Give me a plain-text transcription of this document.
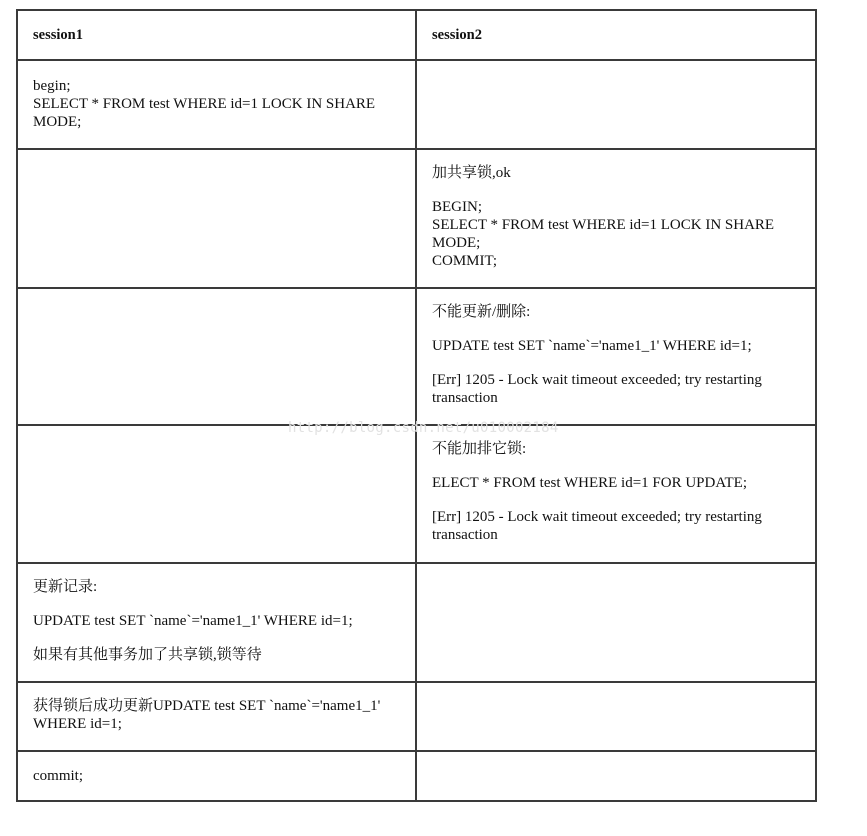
session1	session2

begin;
SELECT * FROM test WHERE id=1 LOCK IN SHARE MODE;	

	加共享锁,ok

BEGIN;
SELECT * FROM test WHERE id=1 LOCK IN SHARE MODE;
COMMIT;

	不能更新/删除:

UPDATE test SET `name`='name1_1' WHERE id=1;

[Err] 1205 - Lock wait timeout exceeded; try restarting transaction

	不能加排它锁:

ELECT * FROM test WHERE id=1 FOR UPDATE;

[Err] 1205 - Lock wait timeout exceeded; try restarting transaction

更新记录:

UPDATE test SET `name`='name1_1' WHERE id=1;

如果有其他事务加了共享锁,锁等待	

获得锁后成功更新UPDATE test SET `name`='name1_1' WHERE id=1;	

commit;	

http://blog.csdn.net/u010002184
